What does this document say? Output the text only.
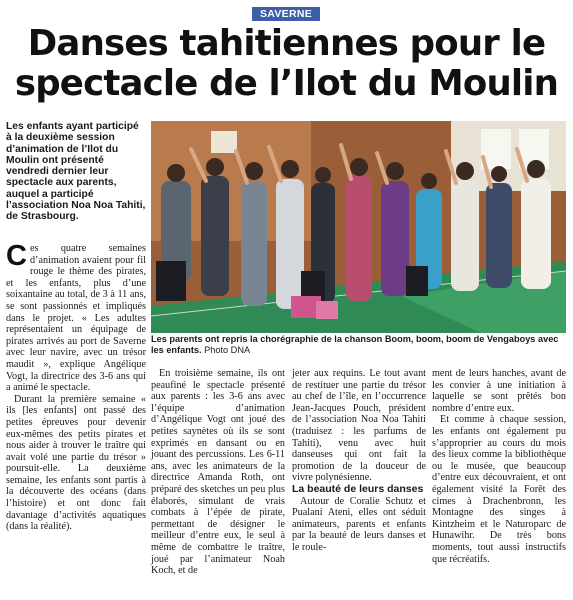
SAVERNE
Danses tahitiennes pour le spectacle de l’Ilot du Moulin
Les enfants ayant participé à la deuxième session d’animation de l’Ilot du Moulin ont présenté vendredi dernier leur spectacle aux parents, auquel a participé l’association Noa Noa Tahiti, de Strasbourg.

Ces quatre semaines d’animation avaient pour fil rouge le thème des pirates, et les enfants, plus d’une soixantaine au total, de 3 à 11 ans, se sont passionnés et impliqués dans le projet. « Les adultes représentaient un équipage de pirates arrivés au port de Saverne avec leur navire, avec un trésor maudit », explique Angélique Vogt, la directrice des 3-6 ans qui a animé le spectacle.

Durant la première semaine « ils [les enfants] ont passé des petites épreuves pour devenir eux-mêmes des petits pirates et nous aider à trouver le traître qui avait volé une partie du trésor » poursuit-elle. La deuxième semaine, les enfants sont partis à la découverte des océans (dans l’histoire) et ont donc fait davantage d’activités aquatiques (dans la réalité).

Les parents ont repris la chorégraphie de la chanson Boom, boom, boom de Vengaboys avec les enfants. Photo DNA

En troisième semaine, ils ont peaufiné le spectacle présenté aux parents : les 3-6 ans avec l’équipe d’animation d’Angélique Vogt ont joué des petites saynètes où ils se sont exprimés en dansant ou en jouant des percussions. Les 6-11 ans, avec les animateurs de la directrice Amanda Roth, ont préparé des sketches un peu plus élaborés, simulant de vrais combats à l’épée de pirate, permettant de désigner le meilleur d’entre eux, le seul à même de combattre le traître, joué par l’animateur Noah Koch, et de

jeter aux requins. Le tout avant de restituer une partie du trésor au chef de l’île, en l’occurrence Jean-Jacques Pouch, président de l’association Noa Noa Tahiti (traduisez : les parfums de Tahiti), venu avec huit danseuses qui ont fait la promotion de la douceur de vivre polynésienne.

La beauté de leurs danses

Autour de Coralie Schutz et Pualani Ateni, elles ont séduit animateurs, parents et enfants par la beauté de leurs danses et le roule-

ment de leurs hanches, avant de les convier à une initiation à laquelle se sont prêtés bon nombre d’entre eux.

Et comme à chaque session, les enfants ont également pu s’approprier au cours du mois des lieux comme la bibliothèque ou le musée, que beaucoup d’entre eux découvraient, et ont également visité la Forêt des cimes à Drachenbronn, les Montagne des singes à Kintzheim et le Naturoparc de Hunawihr. De très bons moments, tout aussi instructifs que récréatifs.
